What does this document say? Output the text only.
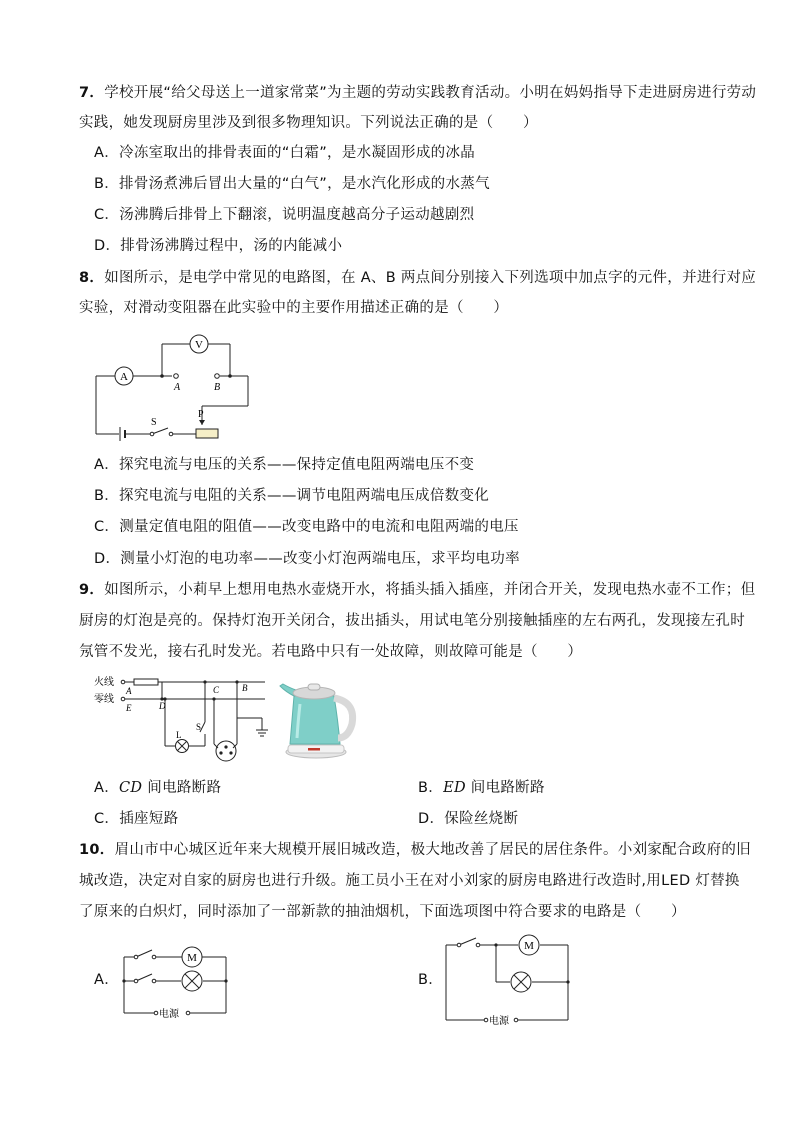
7．学校开展“给父母送上一道家常菜”为主题的劳动实践教育活动。小明在妈妈指导下走进厨房进行劳动
实践，她发现厨房里涉及到很多物理知识。下列说法正确的是（　　）
A．冷冻室取出的排骨表面的“白霜”，是水凝固形成的冰晶
B．排骨汤煮沸后冒出大量的“白气”，是水汽化形成的水蒸气
C．汤沸腾后排骨上下翻滚，说明温度越高分子运动越剧烈
D．排骨汤沸腾过程中，汤的内能减小
8．如图所示，是电学中常见的电路图，在 A、B 两点间分别接入下列选项中加点字的元件，并进行对应
实验，对滑动变阻器在此实验中的主要作用描述正确的是（　　）
A
V
A	B
S
P
A．探究电流与电压的关系——保持定值电阻两端电压不变
B．探究电流与电阻的关系——调节电阻两端电压成倍数变化
C．测量定值电阻的阻值——改变电路中的电流和电阻两端的电压
D．测量小灯泡的电功率——改变小灯泡两端电压，求平均电功率
9．如图所示，小莉早上想用电热水壶烧开水，将插头插入插座，并闭合开关，发现电热水壶不工作；但
厨房的灯泡是亮的。保持灯泡开关闭合，拔出插头，用试电笔分别接触插座的左右两孔，发现接左孔时
氖管不发光，接右孔时发光。若电路中只有一处故障，则故障可能是（　　）
火线
零线
A
E
C	B
D
S
L
A．CD 间电路断路	B．ED 间电路断路
C．插座短路	D．保险丝烧断
10．眉山市中心城区近年来大规模开展旧城改造，极大地改善了居民的居住条件。小刘家配合政府的旧
城改造，决定对自家的厨房也进行升级。施工员小王在对小刘家的厨房电路进行改造时,用LED 灯替换
了原来的白炽灯，同时添加了一部新款的抽油烟机，下面选项图中符合要求的电路是（　　）
A．
M
电源
B．
M
电源
